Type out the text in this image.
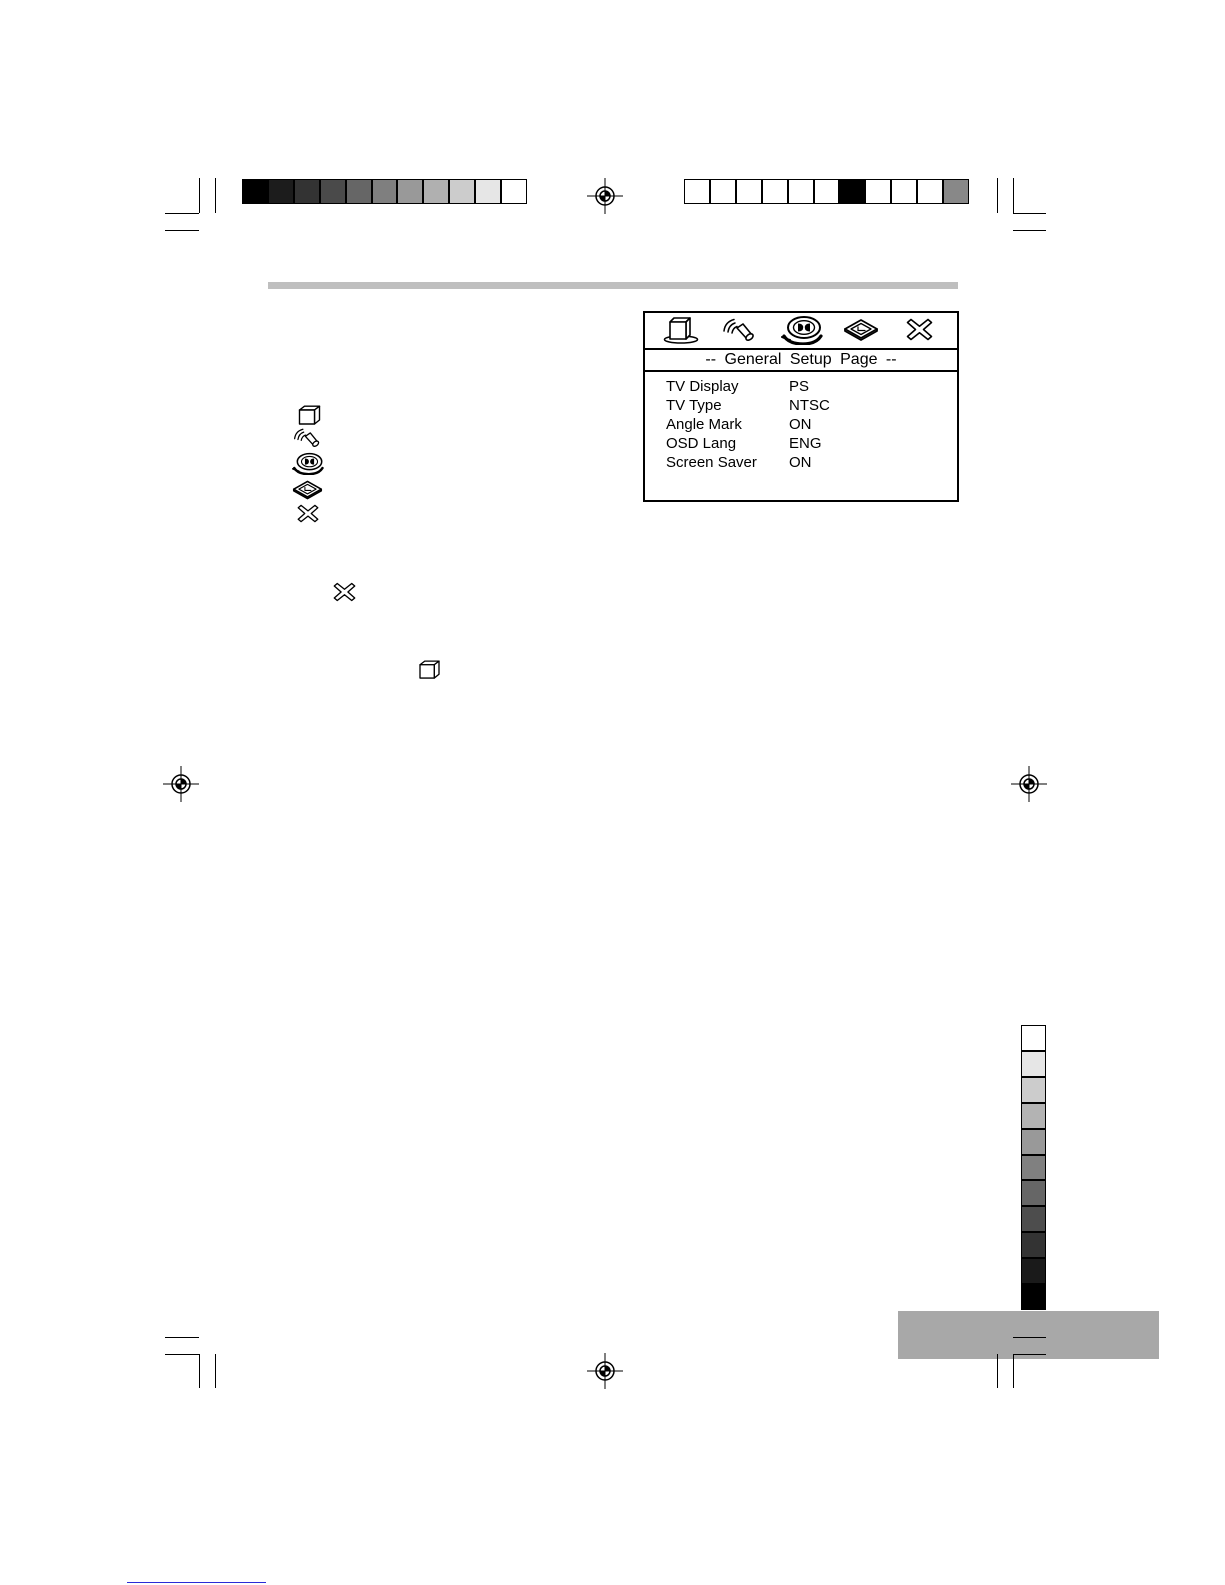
-- General Setup Page --
TV Display	PS
TV Type	NTSC
Angle Mark	ON
OSD Lang	ENG
Screen Saver	ON
